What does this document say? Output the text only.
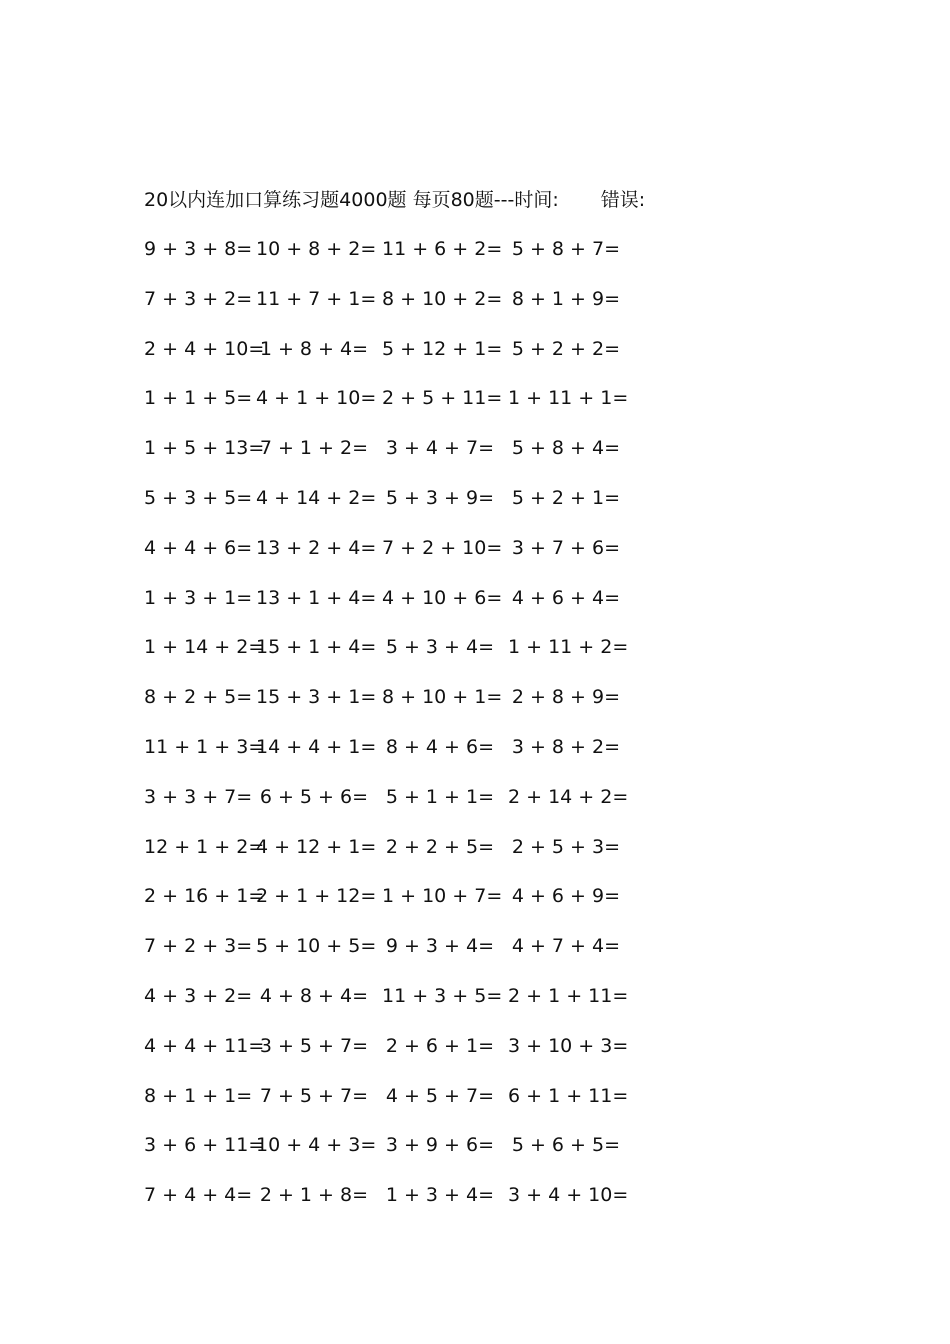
20以内连加口算练习题4000题 每页80题---时间: 错误:
9 + 3 + 8= 10 + 8 + 2= 11 + 6 + 2= 5 + 8 + 7=
7 + 3 + 2= 11 + 7 + 1= 8 + 10 + 2= 8 + 1 + 9=
2 + 4 + 10=
1 + 8 + 4= 5 + 12 + 1= 5 + 2 + 2=
1 + 1 + 5= 4 + 1 + 10= 2 + 5 + 11= 1 + 11 + 1=
1 + 5 + 13=
7 + 1 + 2= 3 + 4 + 7= 5 + 8 + 4=
5 + 3 + 5= 4 + 14 + 2= 5 + 3 + 9= 5 + 2 + 1=
4 + 4 + 6= 13 + 2 + 4= 7 + 2 + 10= 3 + 7 + 6=
1 + 3 + 1= 13 + 1 + 4= 4 + 10 + 6= 4 + 6 + 4=
1 + 14 + 2=
15 + 1 + 4= 5 + 3 + 4= 1 + 11 + 2=
8 + 2 + 5= 15 + 3 + 1= 8 + 10 + 1= 2 + 8 + 9=
11 + 1 + 3=
14 + 4 + 1= 8 + 4 + 6= 3 + 8 + 2=
3 + 3 + 7= 6 + 5 + 6= 5 + 1 + 1= 2 + 14 + 2=
12 + 1 + 2=
4 + 12 + 1= 2 + 2 + 5= 2 + 5 + 3=
2 + 16 + 1=
2 + 1 + 12= 1 + 10 + 7= 4 + 6 + 9=
7 + 2 + 3= 5 + 10 + 5= 9 + 3 + 4= 4 + 7 + 4=
4 + 3 + 2= 4 + 8 + 4= 11 + 3 + 5= 2 + 1 + 11=
4 + 4 + 11=
3 + 5 + 7= 2 + 6 + 1= 3 + 10 + 3=
8 + 1 + 1= 7 + 5 + 7= 4 + 5 + 7= 6 + 1 + 11=
3 + 6 + 11=
10 + 4 + 3= 3 + 9 + 6= 5 + 6 + 5=
7 + 4 + 4= 2 + 1 + 8= 1 + 3 + 4= 3 + 4 + 10=
